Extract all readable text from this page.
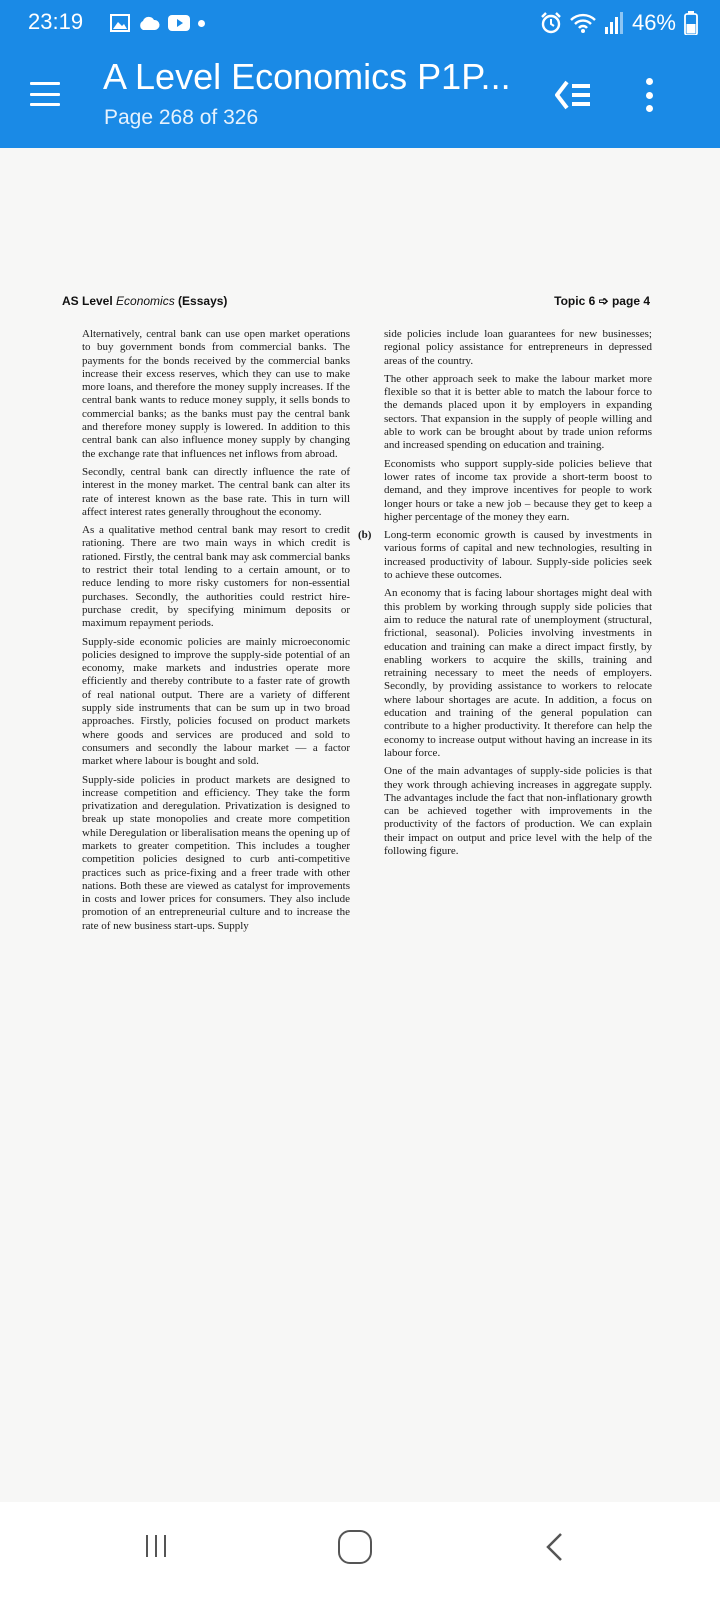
23:19	46%
A Level Economics P1P...
Page 268 of 326
AS Level Economics (Essays)	Topic 6 ➩ page 4

Alternatively, central bank can use open market operations to buy government bonds from commercial banks. The payments for the bonds received by the commercial banks increase their excess reserves, which they can use to make more loans, and therefore the money supply increases. If the central bank wants to reduce money supply, it sells bonds to commercial banks; as the banks must pay the central bank and therefore money supply is lowered. In addition to this central bank can also influence money supply by changing the exchange rate that influences net inflows from abroad.

Secondly, central bank can directly influence the rate of interest in the money market. The central bank can alter its rate of interest known as the base rate. This in turn will affect interest rates generally throughout the economy.

As a qualitative method central bank may resort to credit rationing. There are two main ways in which credit is rationed. Firstly, the central bank may ask commercial banks to restrict their total lending to a certain amount, or to reduce lending to more risky customers for non-essential purchases. Secondly, the authorities could restrict hire-purchase credit, by specifying minimum deposits or maximum repayment periods.

Supply-side economic policies are mainly microeconomic policies designed to improve the supply-side potential of an economy, make markets and industries operate more efficiently and thereby contribute to a faster rate of growth of real national output. There are a variety of different supply side instruments that can be sum up in two broad approaches. Firstly, policies focused on product markets where goods and services are produced and sold to consumers and secondly the labour market — a factor market where labour is bought and sold.

Supply-side policies in product markets are designed to increase competition and efficiency. They take the form privatization and deregulation. Privatization is designed to break up state monopolies and create more competition while Deregulation or liberalisation means the opening up of markets to greater competition. This includes a tougher competition policies designed to curb anti-competitive practices such as price-fixing and a freer trade with other nations. Both these are viewed as catalyst for improvements in costs and lower prices for consumers. They also include promotion of an entrepreneurial culture and to increase the rate of new business start-ups. Supply

side policies include loan guarantees for new businesses; regional policy assistance for entrepreneurs in depressed areas of the country.

The other approach seek to make the labour market more flexible so that it is better able to match the labour force to the demands placed upon it by employers in expanding sectors. That expansion in the supply of people willing and able to work can be brought about by trade union reforms and increased spending on education and training.

Economists who support supply-side policies believe that lower rates of income tax provide a short-term boost to demand, and they improve incentives for people to work longer hours or take a new job – because they get to keep a higher percentage of the money they earn.

(b) Long-term economic growth is caused by investments in various forms of capital and new technologies, resulting in increased productivity of labour. Supply-side policies seek to achieve these outcomes.

An economy that is facing labour shortages might deal with this problem by working through supply side policies that aim to reduce the natural rate of unemployment (structural, frictional, seasonal). Policies involving investments in education and training can make a direct impact firstly, by enabling workers to acquire the skills, training and retraining necessary to meet the needs of employers. Secondly, by providing assistance to workers to relocate where labour shortages are acute. In addition, a focus on education and training of the general population can contribute to a higher productivity. It therefore can help the economy to increase output without having an increase in its labour force.

One of the main advantages of supply-side policies is that they work through achieving increases in aggregate supply. The advantages include the fact that non-inflationary growth can be achieved together with improvements in the productivity of the factors of production. We can explain their impact on output and price level with the help of the following figure.
